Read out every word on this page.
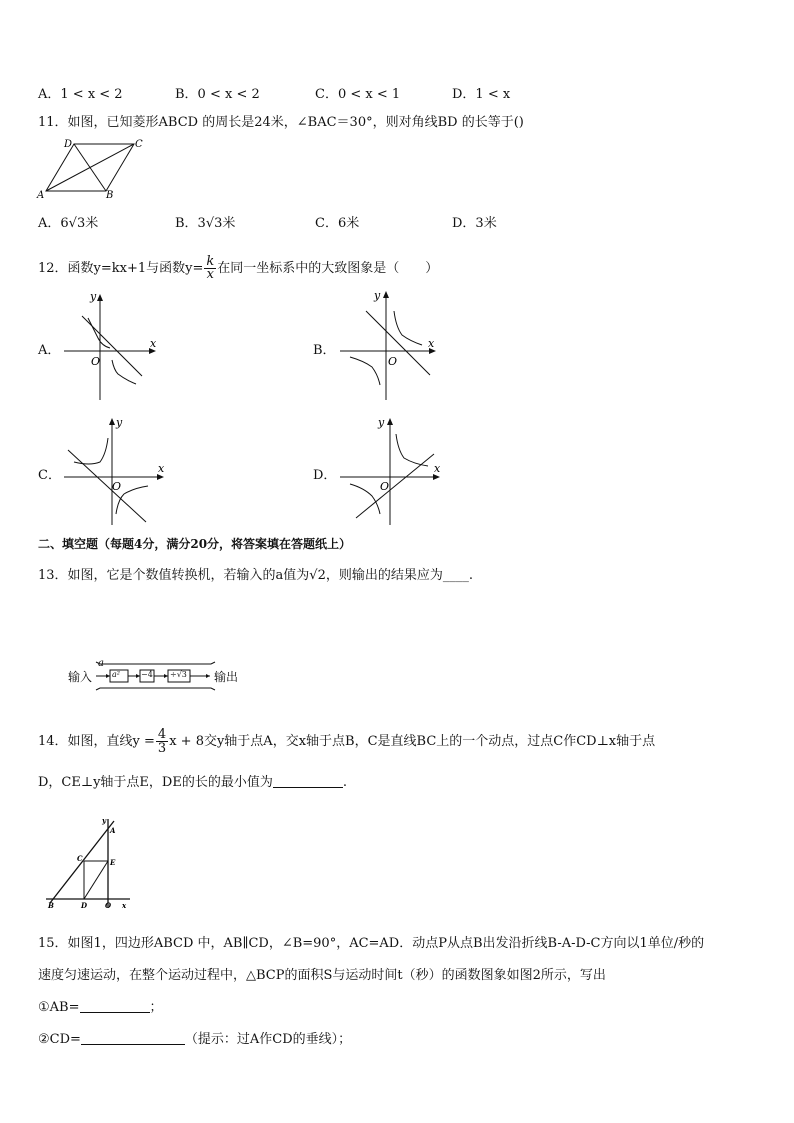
A．1 < x < 2	B．0 < x < 2	C．0 < x < 1	D．1 < x
11．如图，已知菱形ABCD 的周长是24米，∠BAC＝30°，则对角线BD 的长等于()
D	C
A	B
A．6√3米	B．3√3米	C．6米	D．3米
12．函数y=kx+1与函数$y= \frac{k}{x}$ 在同一坐标系中的大致图象是（　　）
A．	x
y
O
B．	x
y
O
C．	x
y
O
D．	x
y
O
二、填空题（每题4分，满分20分，将答案填在答题纸上）
13．如图，它是个数值转换机，若输入的a值为√2，则输出的结果应为____.
输入
a
a²	−4 ÷√3 输出
14．如图，直线$y = \frac{4}{3}$ x + 8交y轴于点A，交x轴于点B，C是直线BC上的一个动点，过点C作CD⊥x轴于点
D，CE⊥y轴于点E，DE的长的最小值为	.
y
A
C	E
B	D	O x
15．如图1，四边形ABCD 中，AB∥CD，∠B=90°，AC=AD．动点P从点B出发沿折线B-A-D-C方向以1单位/秒的
速度匀速运动，在整个运动过程中，△BCP的面积S与运动时间t（秒）的函数图象如图2所示，写出
①AB=	；
②CD=	（提示：过A作CD的垂线）；
